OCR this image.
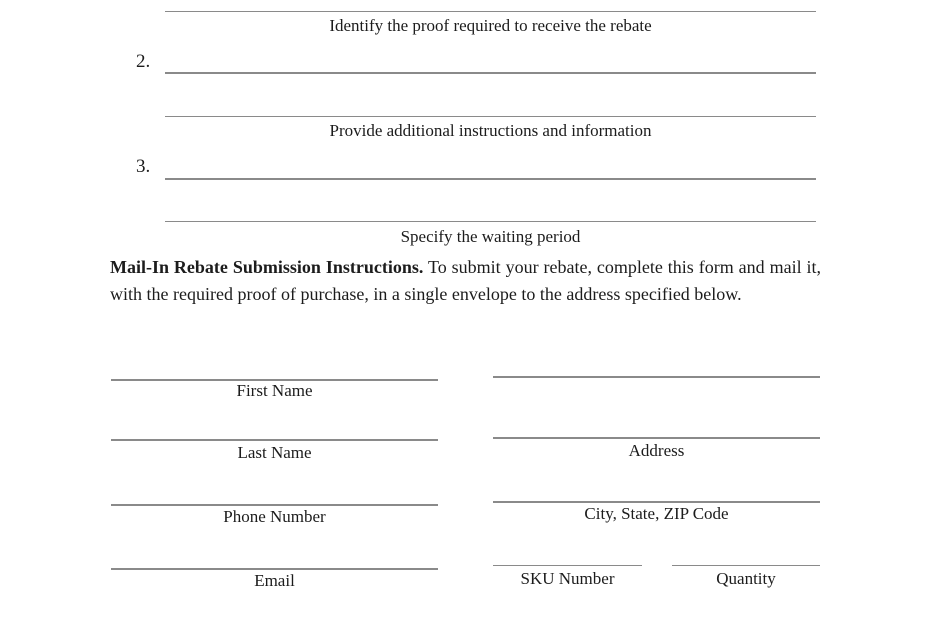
Identify the proof required to receive the rebate
2.
Provide additional instructions and information
3.
Specify the waiting period

Mail-In Rebate Submission Instructions. To submit your rebate, complete this form and mail it, with the required proof of purchase, in a single envelope to the address specified below.

First Name
Last Name
Phone Number
Email
Address
City, State, ZIP Code
SKU Number	Quantity
